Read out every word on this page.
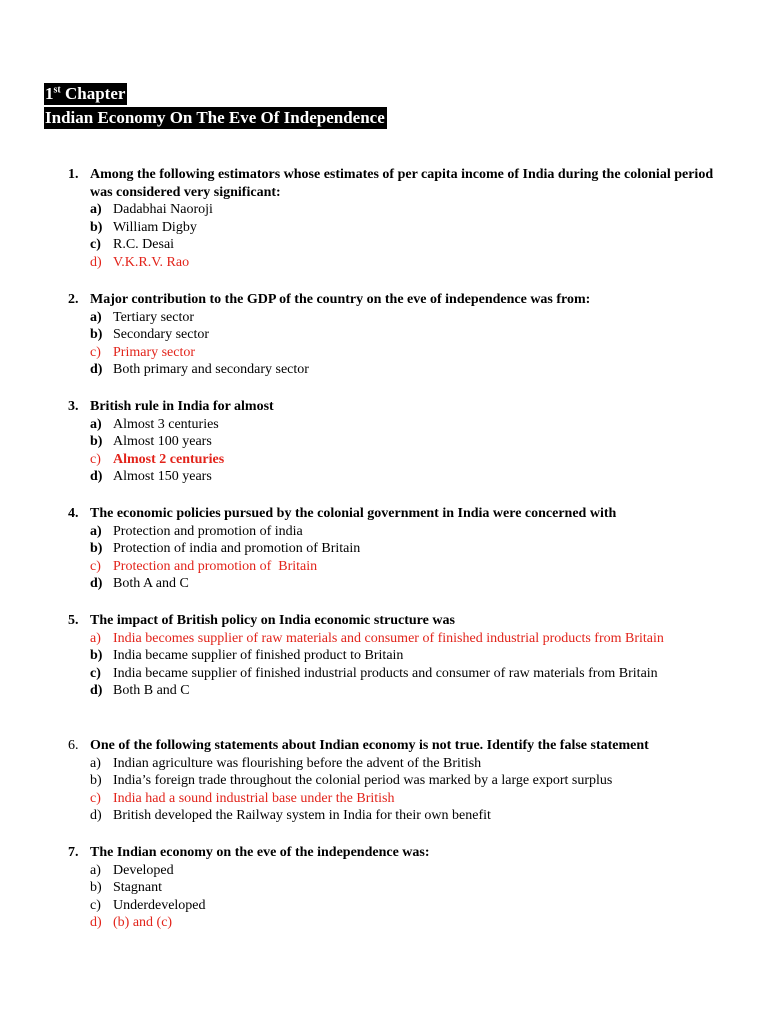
1st Chapter
Indian Economy On The Eve Of Independence
1. Among the following estimators whose estimates of per capita income of India during the colonial period was considered very significant:
a) Dadabhai Naoroji
b) William Digby
c) R.C. Desai
d) V.K.R.V. Rao
2. Major contribution to the GDP of the country on the eve of independence was from:
a) Tertiary sector
b) Secondary sector
c) Primary sector
d) Both primary and secondary sector
3. British rule in India for almost
a) Almost 3 centuries
b) Almost 100 years
c) Almost 2 centuries
d) Almost 150 years
4. The economic policies pursued by the colonial government in India were concerned with
a) Protection and promotion of india
b) Protection of india and promotion of Britain
c) Protection and promotion of  Britain
d) Both A and C
5. The impact of British policy on India economic structure was
a) India becomes supplier of raw materials and consumer of finished industrial products from Britain
b) India became supplier of finished product to Britain
c) India became supplier of finished industrial products and consumer of raw materials from Britain
d) Both B and C
6. One of the following statements about Indian economy is not true. Identify the false statement
a) Indian agriculture was flourishing before the advent of the British
b) India’s foreign trade throughout the colonial period was marked by a large export surplus
c) India had a sound industrial base under the British
d) British developed the Railway system in India for their own benefit
7. The Indian economy on the eve of the independence was:
a) Developed
b) Stagnant
c) Underdeveloped
d) (b) and (c)
